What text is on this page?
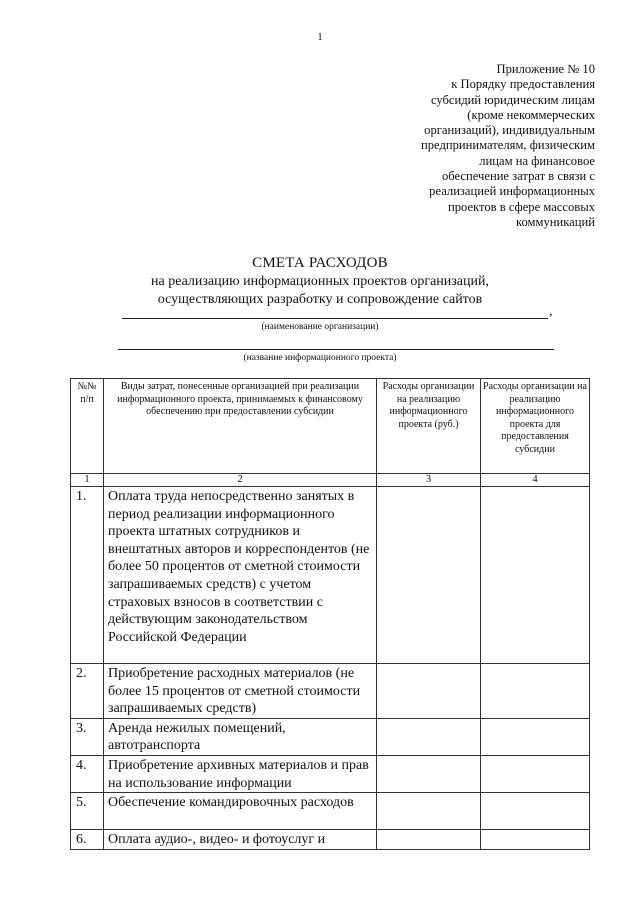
1
Приложение № 10
к Порядку предоставления
субсидий юридическим лицам
(кроме некоммерческих
организаций), индивидуальным
предпринимателям, физическим
лицам на финансовое
обеспечение затрат в связи с
реализацией информационных
проектов в сфере массовых
коммуникаций
СМЕТА РАСХОДОВ
на реализацию информационных проектов организаций,
осуществляющих разработку и сопровождение сайтов
,
(наименование организации)
(название информационного проекта)
№№
п/п	Виды затрат, понесенные организацией при реализации информационного проекта, принимаемых к финансовому обеспечению при предоставлении субсидии	Расходы организации на реализацию информационного проекта (руб.)	Расходы организации на реализацию информационного проекта для предоставления субсидии
1	2	3	4
1.	Оплата труда непосредственно занятых в период реализации информационного проекта штатных сотрудников и внештатных авторов и корреспондентов (не более 50 процентов от сметной стоимости запрашиваемых средств) с учетом страховых взносов в соответствии с действующим законодательством Российской Федерации		
2.	Приобретение расходных материалов (не более 15 процентов от сметной стоимости запрашиваемых средств)		
3.	Аренда нежилых помещений, автотранспорта		
4.	Приобретение архивных материалов и прав на использование информации		
5.	Обеспечение командировочных расходов		
6.	Оплата аудио-, видео- и фотоуслуг и		
